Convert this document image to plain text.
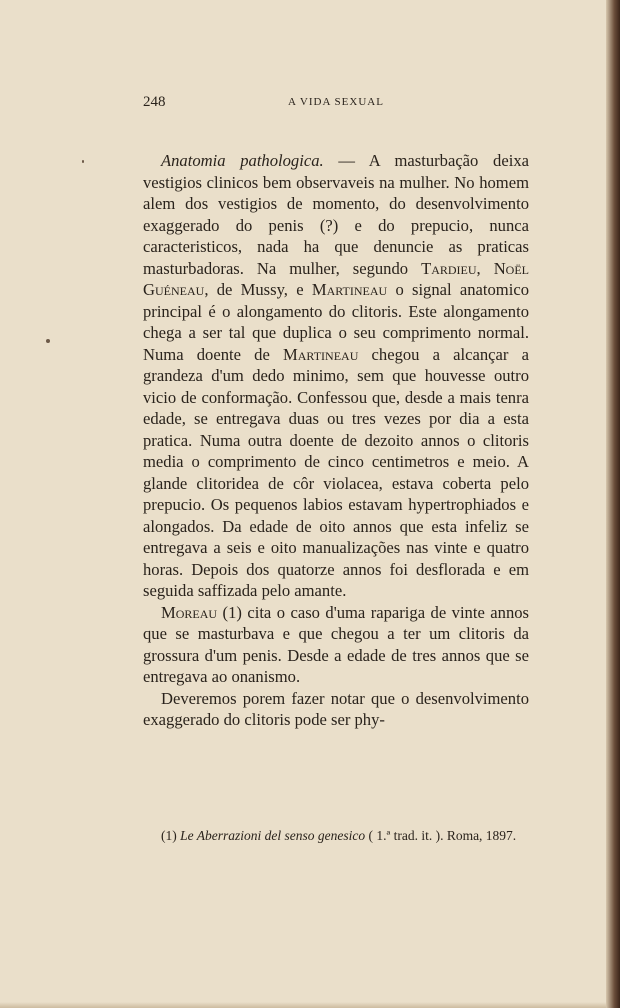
248	A VIDA SEXUAL

Anatomia pathologica. — A masturbação deixa vestigios clinicos bem observaveis na mulher. No homem alem dos vestigios de momento, do desenvolvimento exaggerado do penis (?) e do prepucio, nunca caracteristicos, nada ha que denuncie as praticas masturbadoras. Na mulher, segundo Tardieu, Noël Guéneau, de Mussy, e Martineau o signal anatomico principal é o alongamento do clitoris. Este alongamento chega a ser tal que duplica o seu comprimento normal. Numa doente de Martineau chegou a alcançar a grandeza d'um dedo minimo, sem que houvesse outro vicio de conformação. Confessou que, desde a mais tenra edade, se entregava duas ou tres vezes por dia a esta pratica. Numa outra doente de dezoito annos o clitoris media o comprimento de cinco centimetros e meio. A glande clitoridea de côr violacea, estava coberta pelo prepucio. Os pequenos labios estavam hypertrophiados e alongados. Da edade de oito annos que esta infeliz se entregava a seis e oito manualizações nas vinte e quatro horas. Depois dos quatorze annos foi desflorada e em seguida saffizada pelo amante.

Moreau (1) cita o caso d'uma rapariga de vinte annos que se masturbava e que chegou a ter um clitoris da grossura d'um penis. Desde a edade de tres annos que se entregava ao onanismo.

Deveremos porem fazer notar que o desenvolvimento exaggerado do clitoris pode ser phy-

(1) Le Aberrazioni del senso genesico ( 1.ª trad. it. ). Roma, 1897.
